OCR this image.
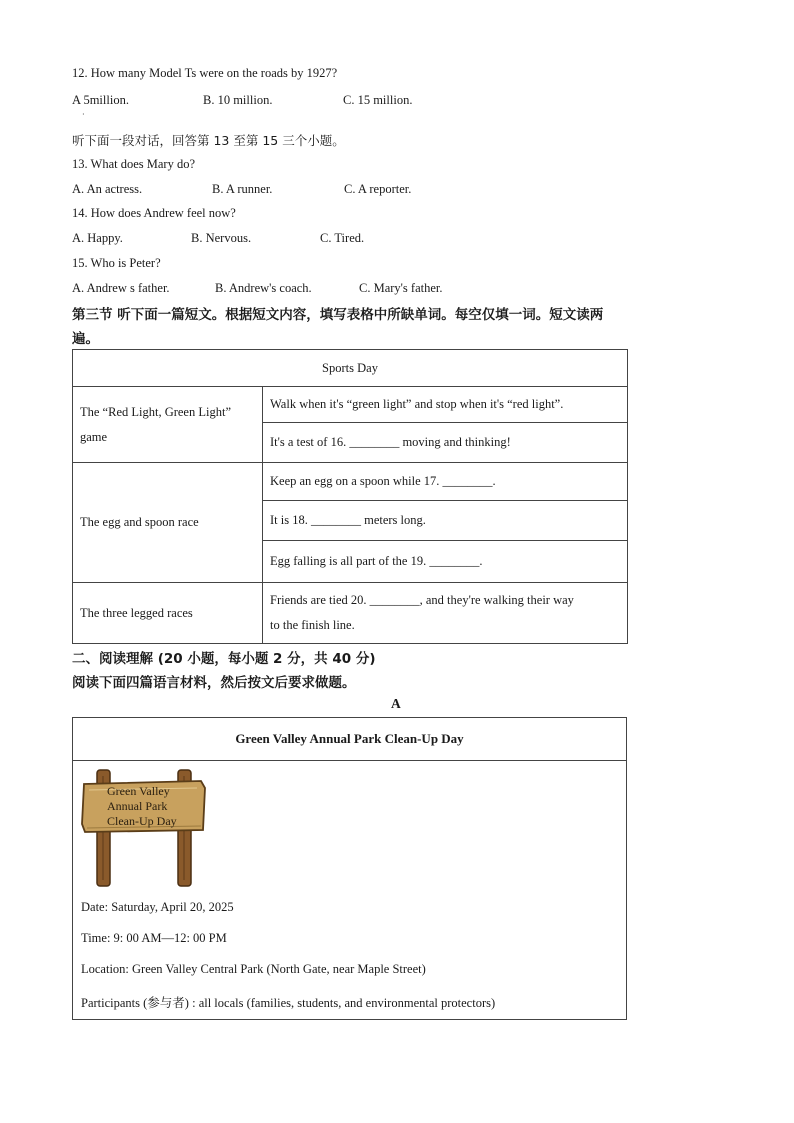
12. How many Model Ts were on the roads by 1927?
A 5million.	B. 10 million.	C. 15 million.
·
听下面一段对话，回答第 13 至第 15 三个小题。
13. What does Mary do?
A. An actress.	B. A runner.	C. A reporter.
14. How does Andrew feel now?
A. Happy.	B. Nervous.	C. Tired.
15. Who is Peter?
A. Andrew s father.	B. Andrew's coach.	C. Mary's father.
第三节 听下面一篇短文。根据短文内容，填写表格中所缺单词。每空仅填一词。短文读两
遍。
Sports Day	
The “Red Light, Green Light” game	Walk when it's “green light” and stop when it's “red light”.
	It's a test of 16. ________ moving and thinking!
The egg and spoon race	Keep an egg on a spoon while 17. ________.
	It is 18. ________ meters long.
	Egg falling is all part of the 19. ________.
The three legged races	Friends are tied 20. ________, and they're walking their way
to the finish line.
二、阅读理解 (20 小题，每小题 2 分，共 40 分)
阅读下面四篇语言材料，然后按文后要求做题。
A
Green Valley Annual Park Clean-Up Day
Green Valley
Annual Park
Clean-Up Day
Date: Saturday, April 20, 2025
Time: 9: 00 AM—12: 00 PM
Location: Green Valley Central Park (North Gate, near Maple Street)
Participants (参与者) : all locals (families, students, and environmental protectors)
